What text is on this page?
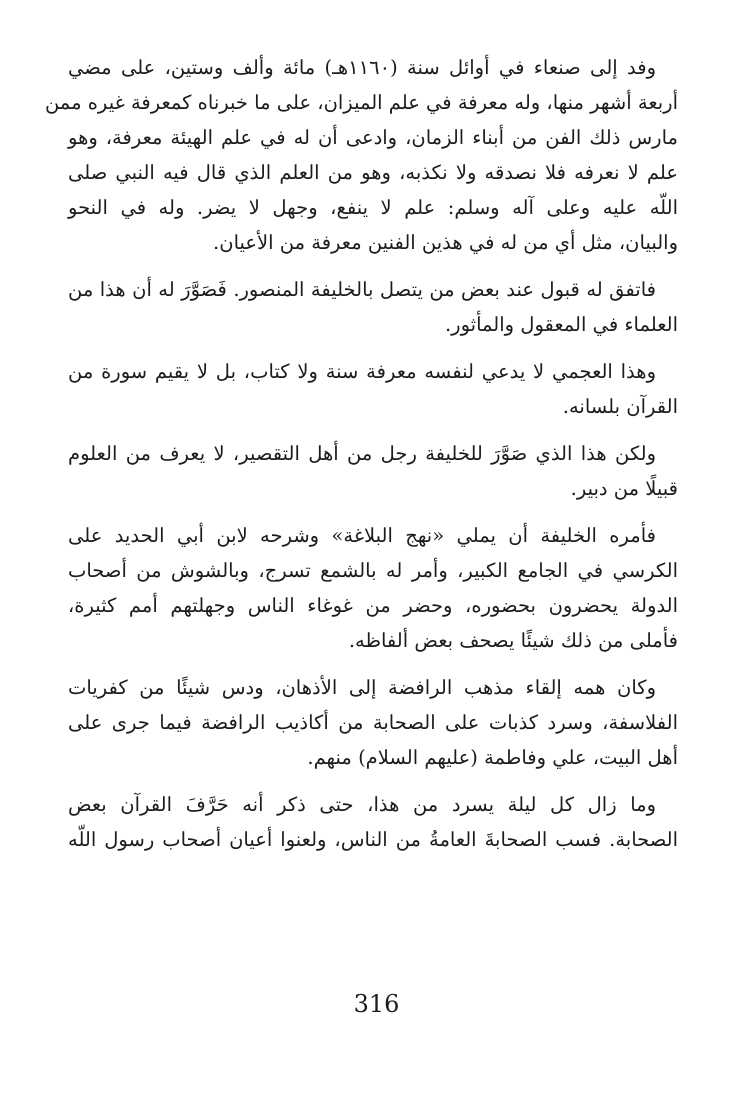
وفد إلى صنعاء في أوائل سنة (١١٦٠هـ) مائة وألف وستين، على مضي
أربعة أشهر منها، وله معرفة في علم الميزان، على ما خبرناه كمعرفة غيره ممن
مارس ذلك الفن من أبناء الزمان، وادعى أن له في علم الهيئة معرفة، وهو
علم لا نعرفه فلا نصدقه ولا نكذبه، وهو من العلم الذي قال فيه النبي صلى
اللّه عليه وعلى آله وسلم: علم لا ينفع، وجهل لا يضر. وله في النحو
والبيان، مثل أي من له في هذين الفنين معرفة من الأعيان.

فاتفق له قبول عند بعض من يتصل بالخليفة المنصور. فَصَوَّرَ له أن هذا من
العلماء في المعقول والمأثور.

وهذا العجمي لا يدعي لنفسه معرفة سنة ولا كتاب، بل لا يقيم سورة من
القرآن بلسانه.

ولكن هذا الذي صَوَّرَ للخليفة رجل من أهل التقصير، لا يعرف من العلوم
قبيلًا من دبير.

فأمره الخليفة أن يملي «نهج البلاغة» وشرحه لابن أبي الحديد على
الكرسي في الجامع الكبير، وأمر له بالشمع تسرج، وبالشوش من أصحاب
الدولة يحضرون بحضوره، وحضر من غوغاء الناس وجهلتهم أمم كثيرة،
فأملى من ذلك شيئًا يصحف بعض ألفاظه.

وكان همه إلقاء مذهب الرافضة إلى الأذهان، ودس شيئًا من كفريات
الفلاسفة، وسرد كذبات على الصحابة من أكاذيب الرافضة فيما جرى على
أهل البيت، علي وفاطمة (عليهم السلام) منهم.

وما زال كل ليلة يسرد من هذا، حتى ذكر أنه حَرَّفَ القرآن بعض
الصحابة. فسب الصحابةَ العامةُ من الناس، ولعنوا أعيان أصحاب رسول اللّه

316
